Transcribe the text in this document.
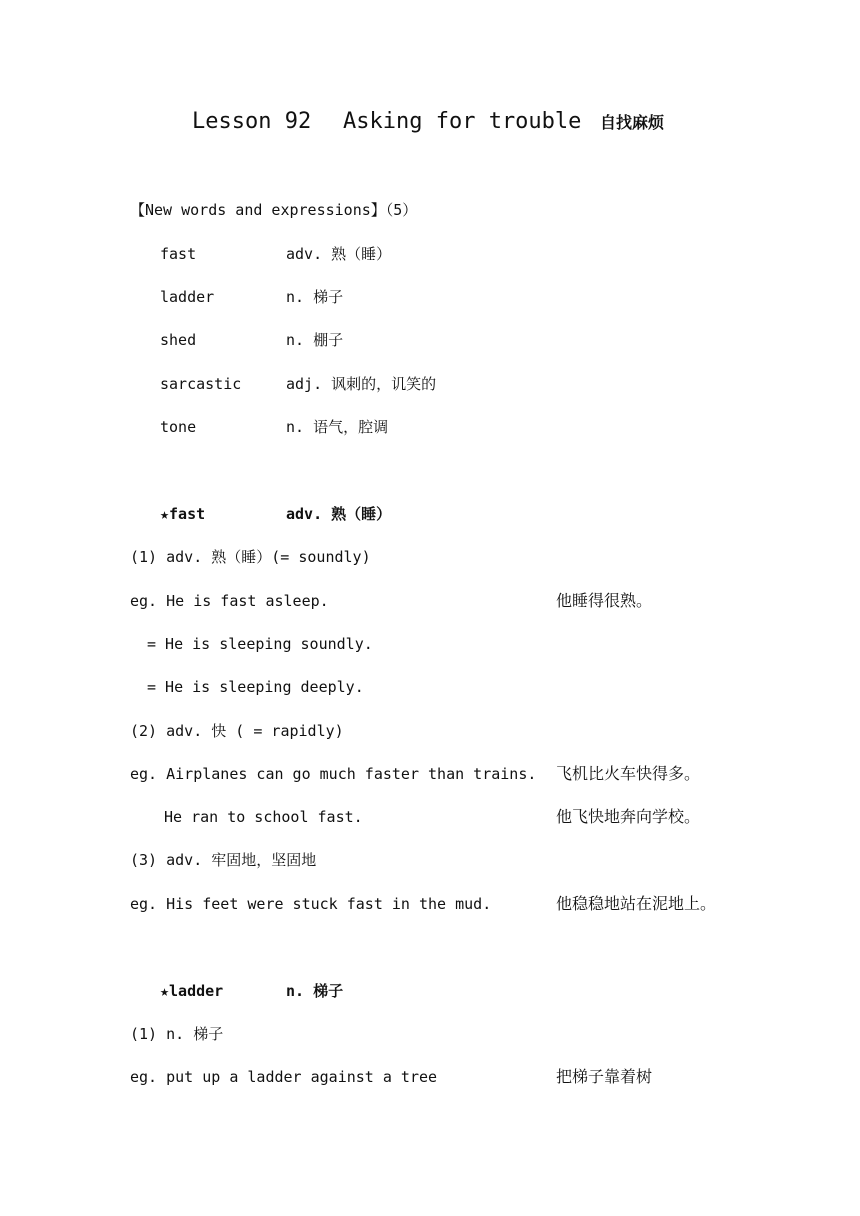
Lesson 92 Asking for trouble 自找麻烦
【New words and expressions】（5）
fast	adv. 熟（睡）
ladder	n. 梯子
shed	n. 棚子
sarcastic	adj. 讽刺的，讥笑的
tone	n. 语气，腔调
★fast	adv. 熟（睡）
(1) adv. 熟（睡）(= soundly)
eg. He is fast asleep.	他睡得很熟。
= He is sleeping soundly.
= He is sleeping deeply.
(2) adv. 快 ( = rapidly)
eg. Airplanes can go much faster than trains. 飞机比火车快得多。
He ran to school fast.	他飞快地奔向学校。
(3) adv. 牢固地，坚固地
eg. His feet were stuck fast in the mud.	他稳稳地站在泥地上。
★ladder	n. 梯子
(1) n. 梯子
eg. put up a ladder against a tree	把梯子靠着树
